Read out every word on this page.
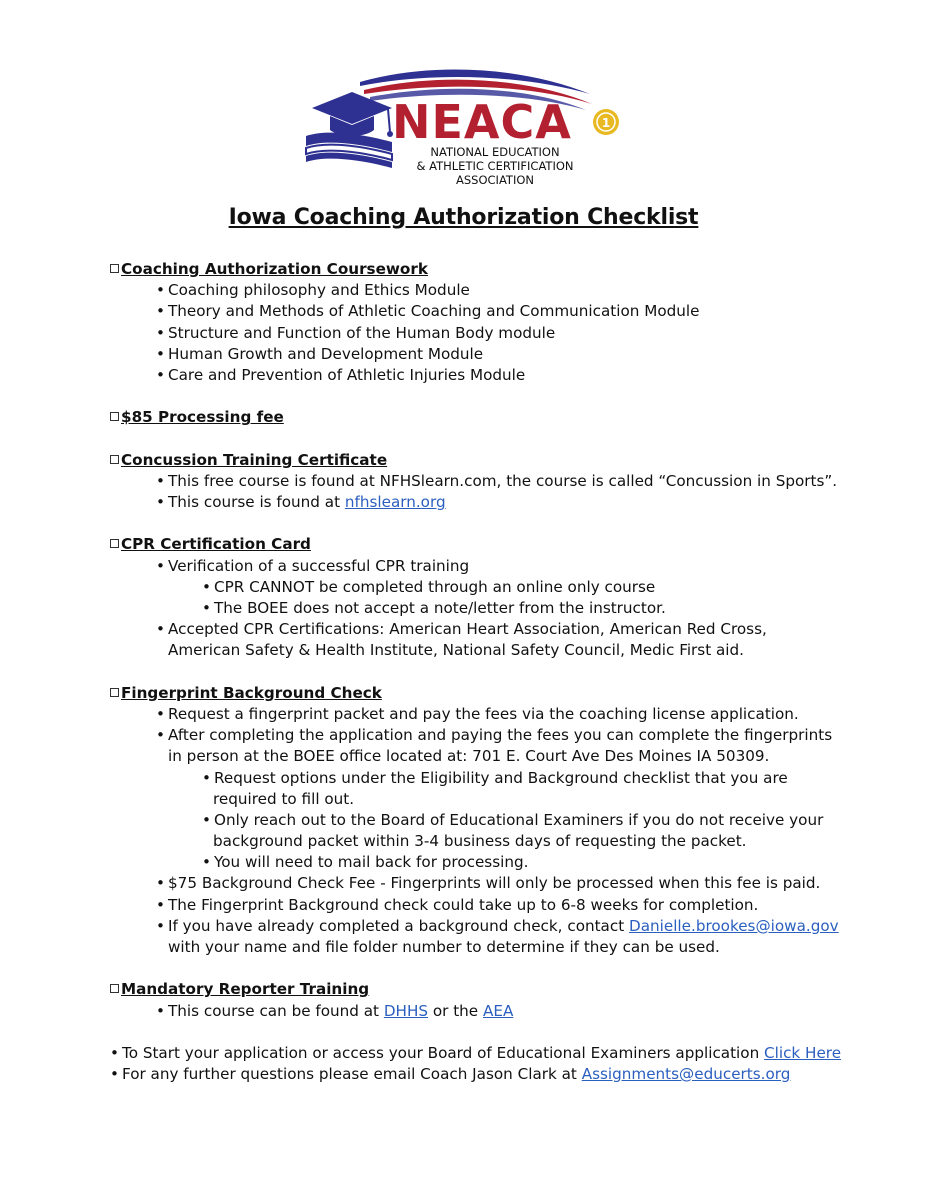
NEACA 1
NATIONAL EDUCATION
& ATHLETIC CERTIFICATION
ASSOCIATION
Iowa Coaching Authorization Checklist
Coaching Authorization Coursework
• Coaching philosophy and Ethics Module
• Theory and Methods of Athletic Coaching and Communication Module
• Structure and Function of the Human Body module
• Human Growth and Development Module
• Care and Prevention of Athletic Injuries Module
$85 Processing fee
Concussion Training Certificate
• This free course is found at NFHSlearn.com, the course is called “Concussion in Sports”.
• This course is found at nfhslearn.org
CPR Certification Card
• Verification of a successful CPR training
• CPR CANNOT be completed through an online only course
• The BOEE does not accept a note/letter from the instructor.
• Accepted CPR Certifications: American Heart Association, American Red Cross,
American Safety & Health Institute, National Safety Council, Medic First aid.
Fingerprint Background Check
• Request a fingerprint packet and pay the fees via the coaching license application.
• After completing the application and paying the fees you can complete the fingerprints
in person at the BOEE office located at: 701 E. Court Ave Des Moines IA 50309.
• Request options under the Eligibility and Background checklist that you are
required to fill out.
• Only reach out to the Board of Educational Examiners if you do not receive your
background packet within 3-4 business days of requesting the packet.
• You will need to mail back for processing.
• $75 Background Check Fee - Fingerprints will only be processed when this fee is paid.
• The Fingerprint Background check could take up to 6-8 weeks for completion.
• If you have already completed a background check, contact Danielle.brookes@iowa.gov
with your name and file folder number to determine if they can be used.
Mandatory Reporter Training
• This course can be found at DHHS or the AEA
• To Start your application or access your Board of Educational Examiners application Click Here
• For any further questions please email Coach Jason Clark at Assignments@educerts.org
